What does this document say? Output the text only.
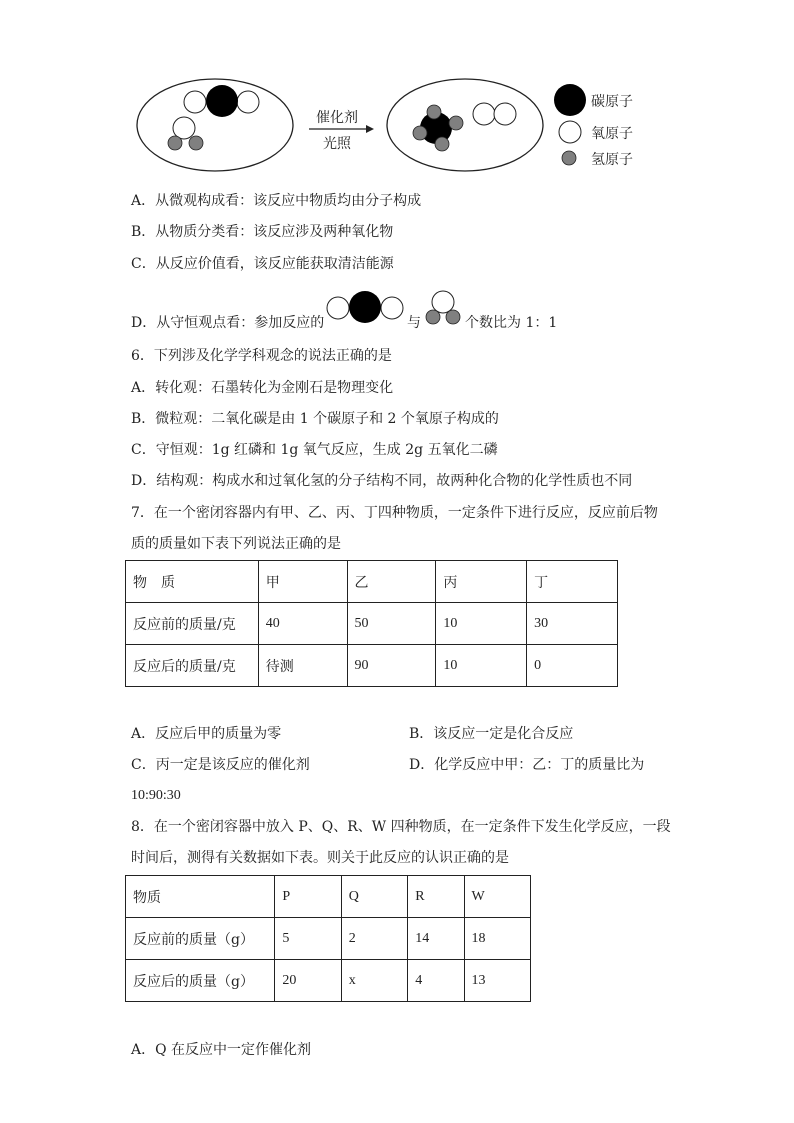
催化剂
光照
碳原子
氧原子
氢原子
A．从微观构成看：该反应中物质均由分子构成
B．从物质分类看：该反应涉及两种氧化物
C．从反应价值看，该反应能获取清洁能源
D．从守恒观点看：参加反应的	与	个数比为 1：1
6．下列涉及化学学科观念的说法正确的是
A．转化观：石墨转化为金刚石是物理变化
B．微粒观：二氧化碳是由 1 个碳原子和 2 个氧原子构成的
C．守恒观：1g 红磷和 1g 氧气反应，生成 2g 五氧化二磷
D．结构观：构成水和过氧化氢的分子结构不同，故两种化合物的化学性质也不同
7．在一个密闭容器内有甲、乙、丙、丁四种物质，一定条件下进行反应，反应前后物
质的质量如下表下列说法正确的是
物　质	甲	乙	丙	丁
反应前的质量/克	40	50	10	30
反应后的质量/克	待测	90	10	0
A．反应后甲的质量为零	B．该反应一定是化合反应
C．丙一定是该反应的催化剂	D．化学反应中甲：乙：丁的质量比为
10:90:30
8．在一个密闭容器中放入 P、Q、R、W 四种物质，在一定条件下发生化学反应，一段
时间后，测得有关数据如下表。则关于此反应的认识正确的是
物质	P	Q	R	W
反应前的质量（g）	5	2	14	18
反应后的质量（g）	20	x	4	13
A．Q 在反应中一定作催化剂
